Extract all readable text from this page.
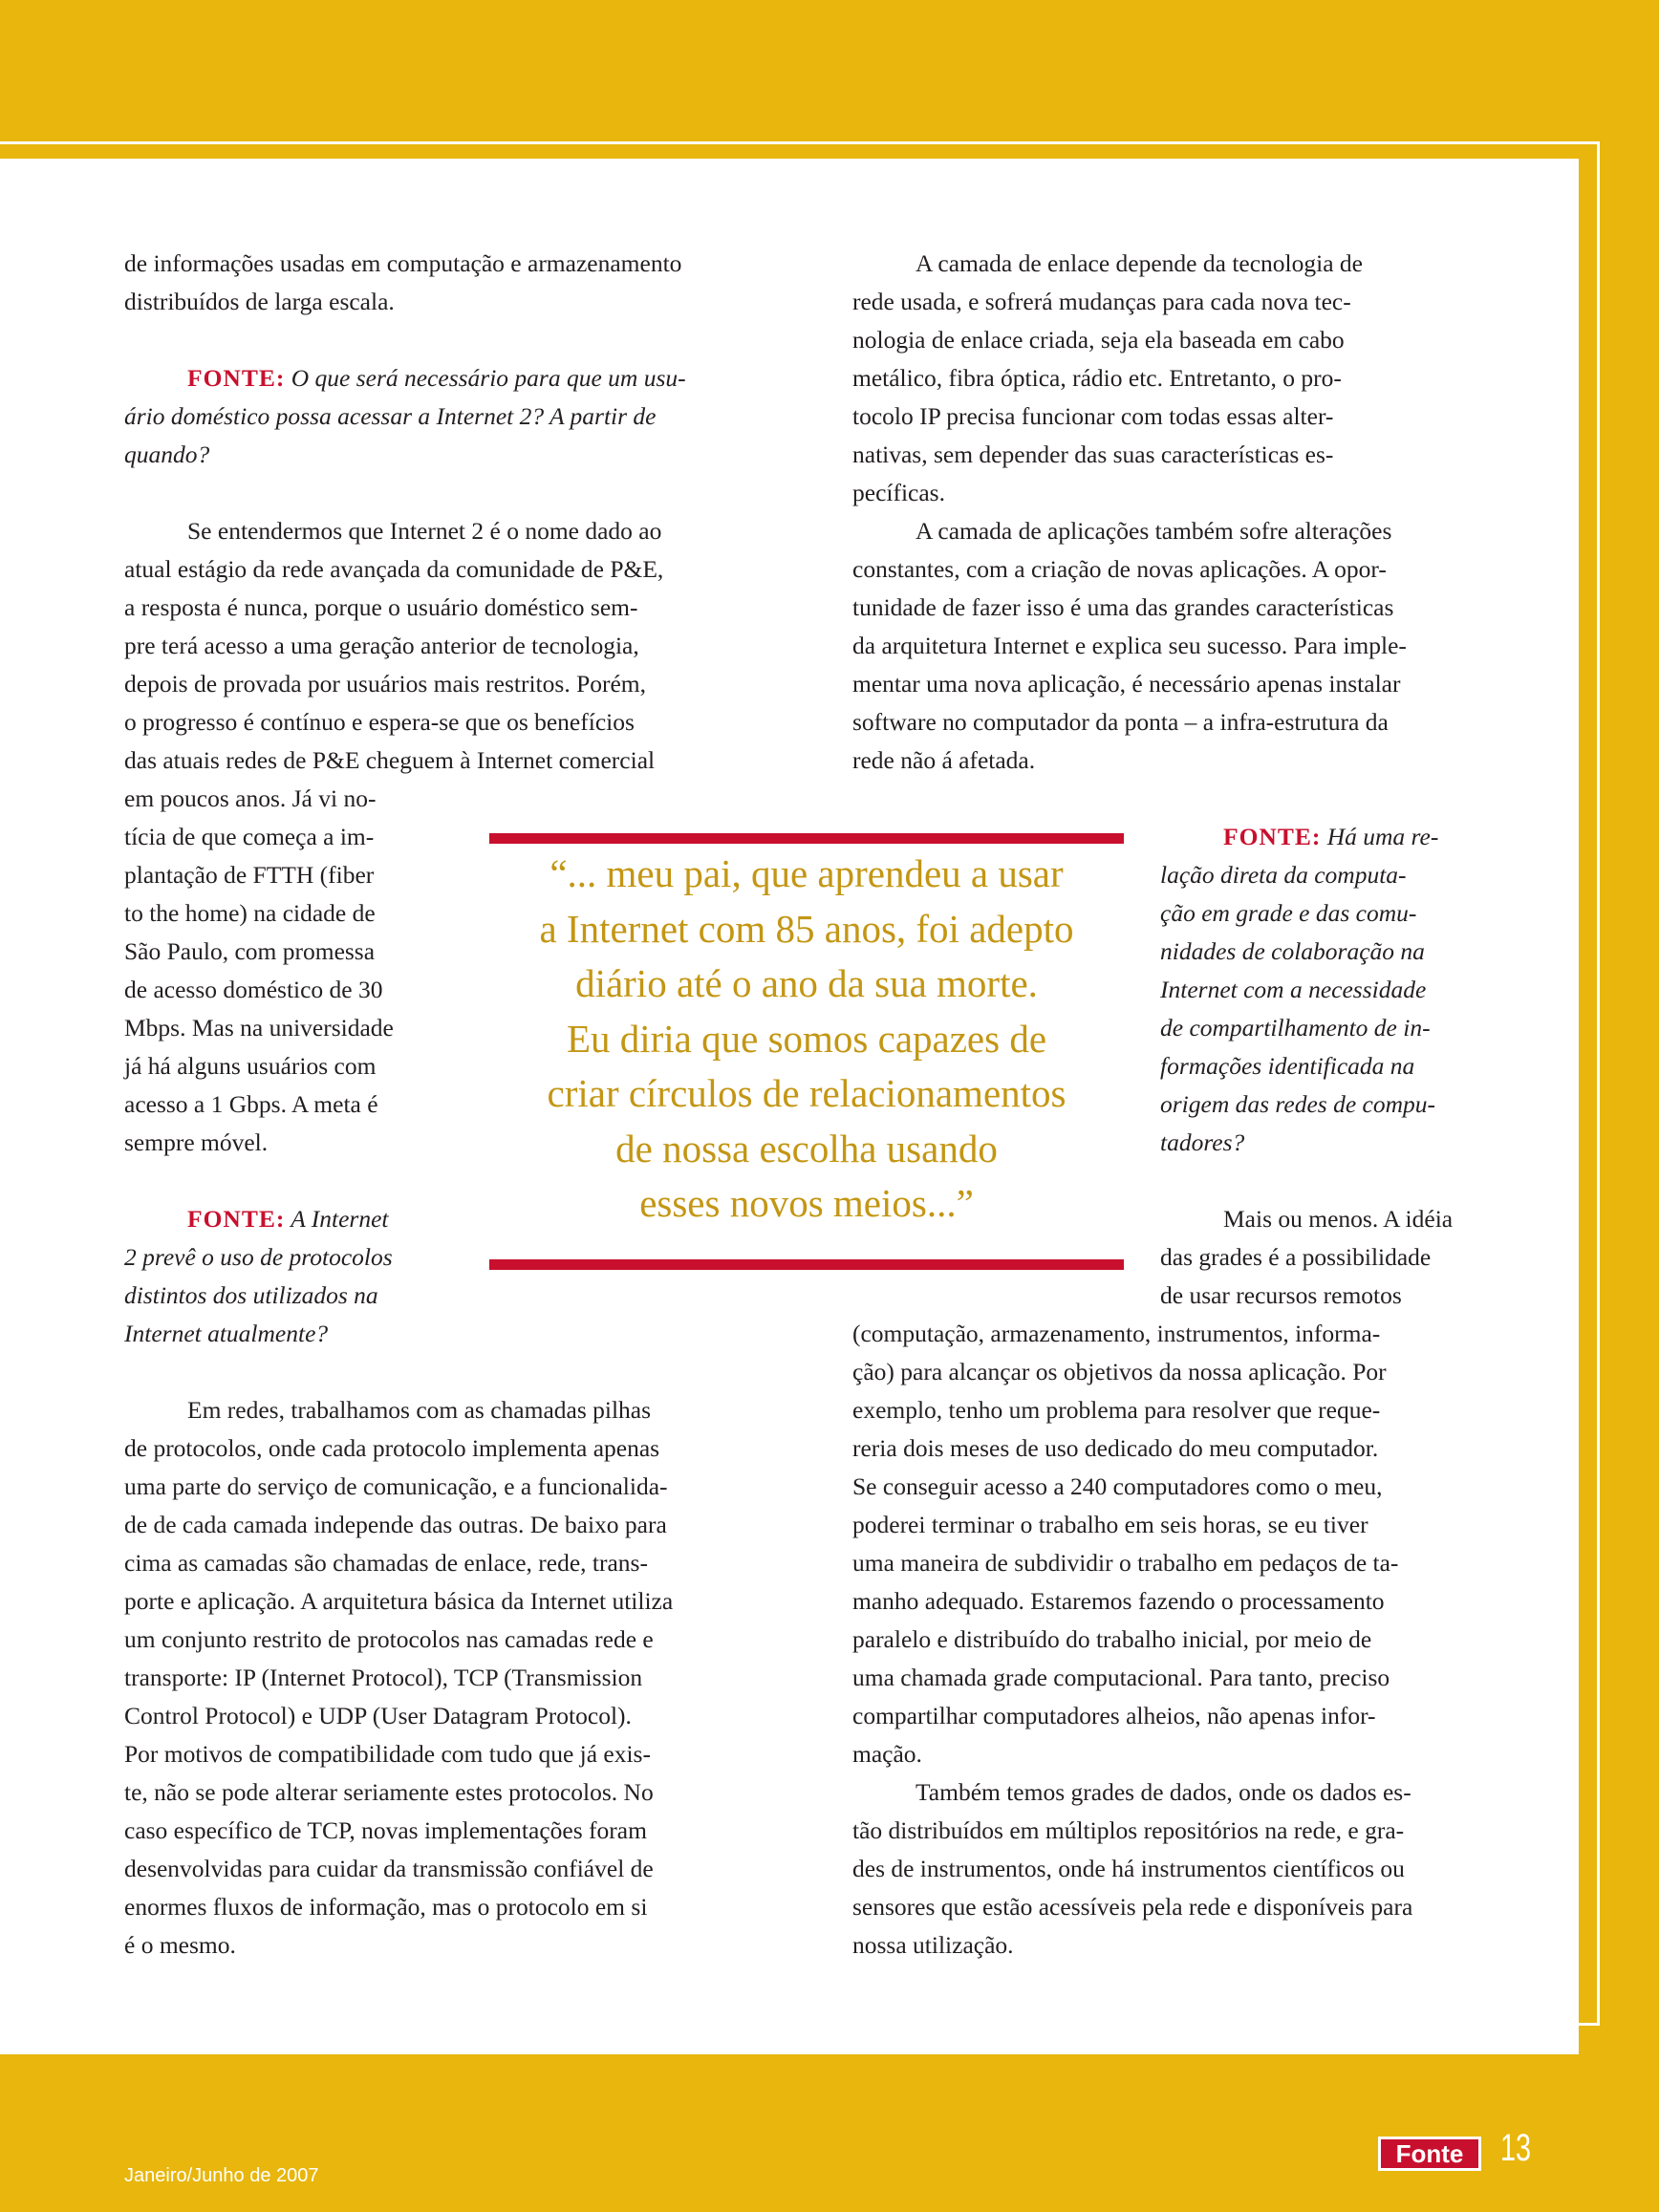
de informações usadas em computação e armazenamento
distribuídos de larga escala.

FONTE: O que será necessário para que um usu-
ário doméstico possa acessar a Internet 2? A partir de
quando?

Se entendermos que Internet 2 é o nome dado ao
atual estágio da rede avançada da comunidade de P&E,
a resposta é nunca, porque o usuário doméstico sem-
pre terá acesso a uma geração anterior de tecnologia,
depois de provada por usuários mais restritos. Porém,
o progresso é contínuo e espera-se que os benefícios
das atuais redes de P&E cheguem à Internet comercial

em poucos anos. Já vi no-
tícia de que começa a im-
plantação de FTTH (fiber
to the home) na cidade de
São Paulo, com promessa
de acesso doméstico de 30
Mbps. Mas na universidade
já há alguns usuários com
acesso a 1 Gbps. A meta é
sempre móvel.

FONTE: A Internet
2 prevê o uso de protocolos
distintos dos utilizados na
Internet atualmente?

Em redes, trabalhamos com as chamadas pilhas
de protocolos, onde cada protocolo implementa apenas
uma parte do serviço de comunicação, e a funcionalida-
de de cada camada independe das outras. De baixo para
cima as camadas são chamadas de enlace, rede, trans-
porte e aplicação. A arquitetura básica da Internet utiliza
um conjunto restrito de protocolos nas camadas rede e
transporte: IP (Internet Protocol), TCP (Transmission
Control Protocol) e UDP (User Datagram Protocol).
Por motivos de compatibilidade com tudo que já exis-
te, não se pode alterar seriamente estes protocolos. No
caso específico de TCP, novas implementações foram
desenvolvidas para cuidar da transmissão confiável de
enormes fluxos de informação, mas o protocolo em si
é o mesmo.

A camada de enlace depende da tecnologia de
rede usada, e sofrerá mudanças para cada nova tec-
nologia de enlace criada, seja ela baseada em cabo
metálico, fibra óptica, rádio etc. Entretanto, o pro-
tocolo IP precisa funcionar com todas essas alter-
nativas, sem depender das suas características es-
pecíficas.

A camada de aplicações também sofre alterações
constantes, com a criação de novas aplicações. A opor-
tunidade de fazer isso é uma das grandes características
da arquitetura Internet e explica seu sucesso. Para imple-
mentar uma nova aplicação, é necessário apenas instalar
software no computador da ponta – a infra-estrutura da
rede não á afetada.

FONTE: Há uma re-
lação direta da computa-
ção em grade e das comu-
nidades de colaboração na
Internet com a necessidade
de compartilhamento de in-
formações identificada na
origem das redes de compu-
tadores?

Mais ou menos. A idéia
das grades é a possibilidade
de usar recursos remotos

(computação, armazenamento, instrumentos, informa-
ção) para alcançar os objetivos da nossa aplicação. Por
exemplo, tenho um problema para resolver que reque-
reria dois meses de uso dedicado do meu computador.
Se conseguir acesso a 240 computadores como o meu,
poderei terminar o trabalho em seis horas, se eu tiver
uma maneira de subdividir o trabalho em pedaços de ta-
manho adequado. Estaremos fazendo o processamento
paralelo e distribuído do trabalho inicial, por meio de
uma chamada grade computacional. Para tanto, preciso
compartilhar computadores alheios, não apenas infor-
mação.

Também temos grades de dados, onde os dados es-
tão distribuídos em múltiplos repositórios na rede, e gra-
des de instrumentos, onde há instrumentos científicos ou
sensores que estão acessíveis pela rede e disponíveis para
nossa utilização.

“... meu pai, que aprendeu a usar
a Internet com 85 anos, foi adepto
diário até o ano da sua morte.
Eu diria que somos capazes de
criar círculos de relacionamentos
de nossa escolha usando
esses novos meios...”
Janeiro/Junho de 2007
Fonte 13
